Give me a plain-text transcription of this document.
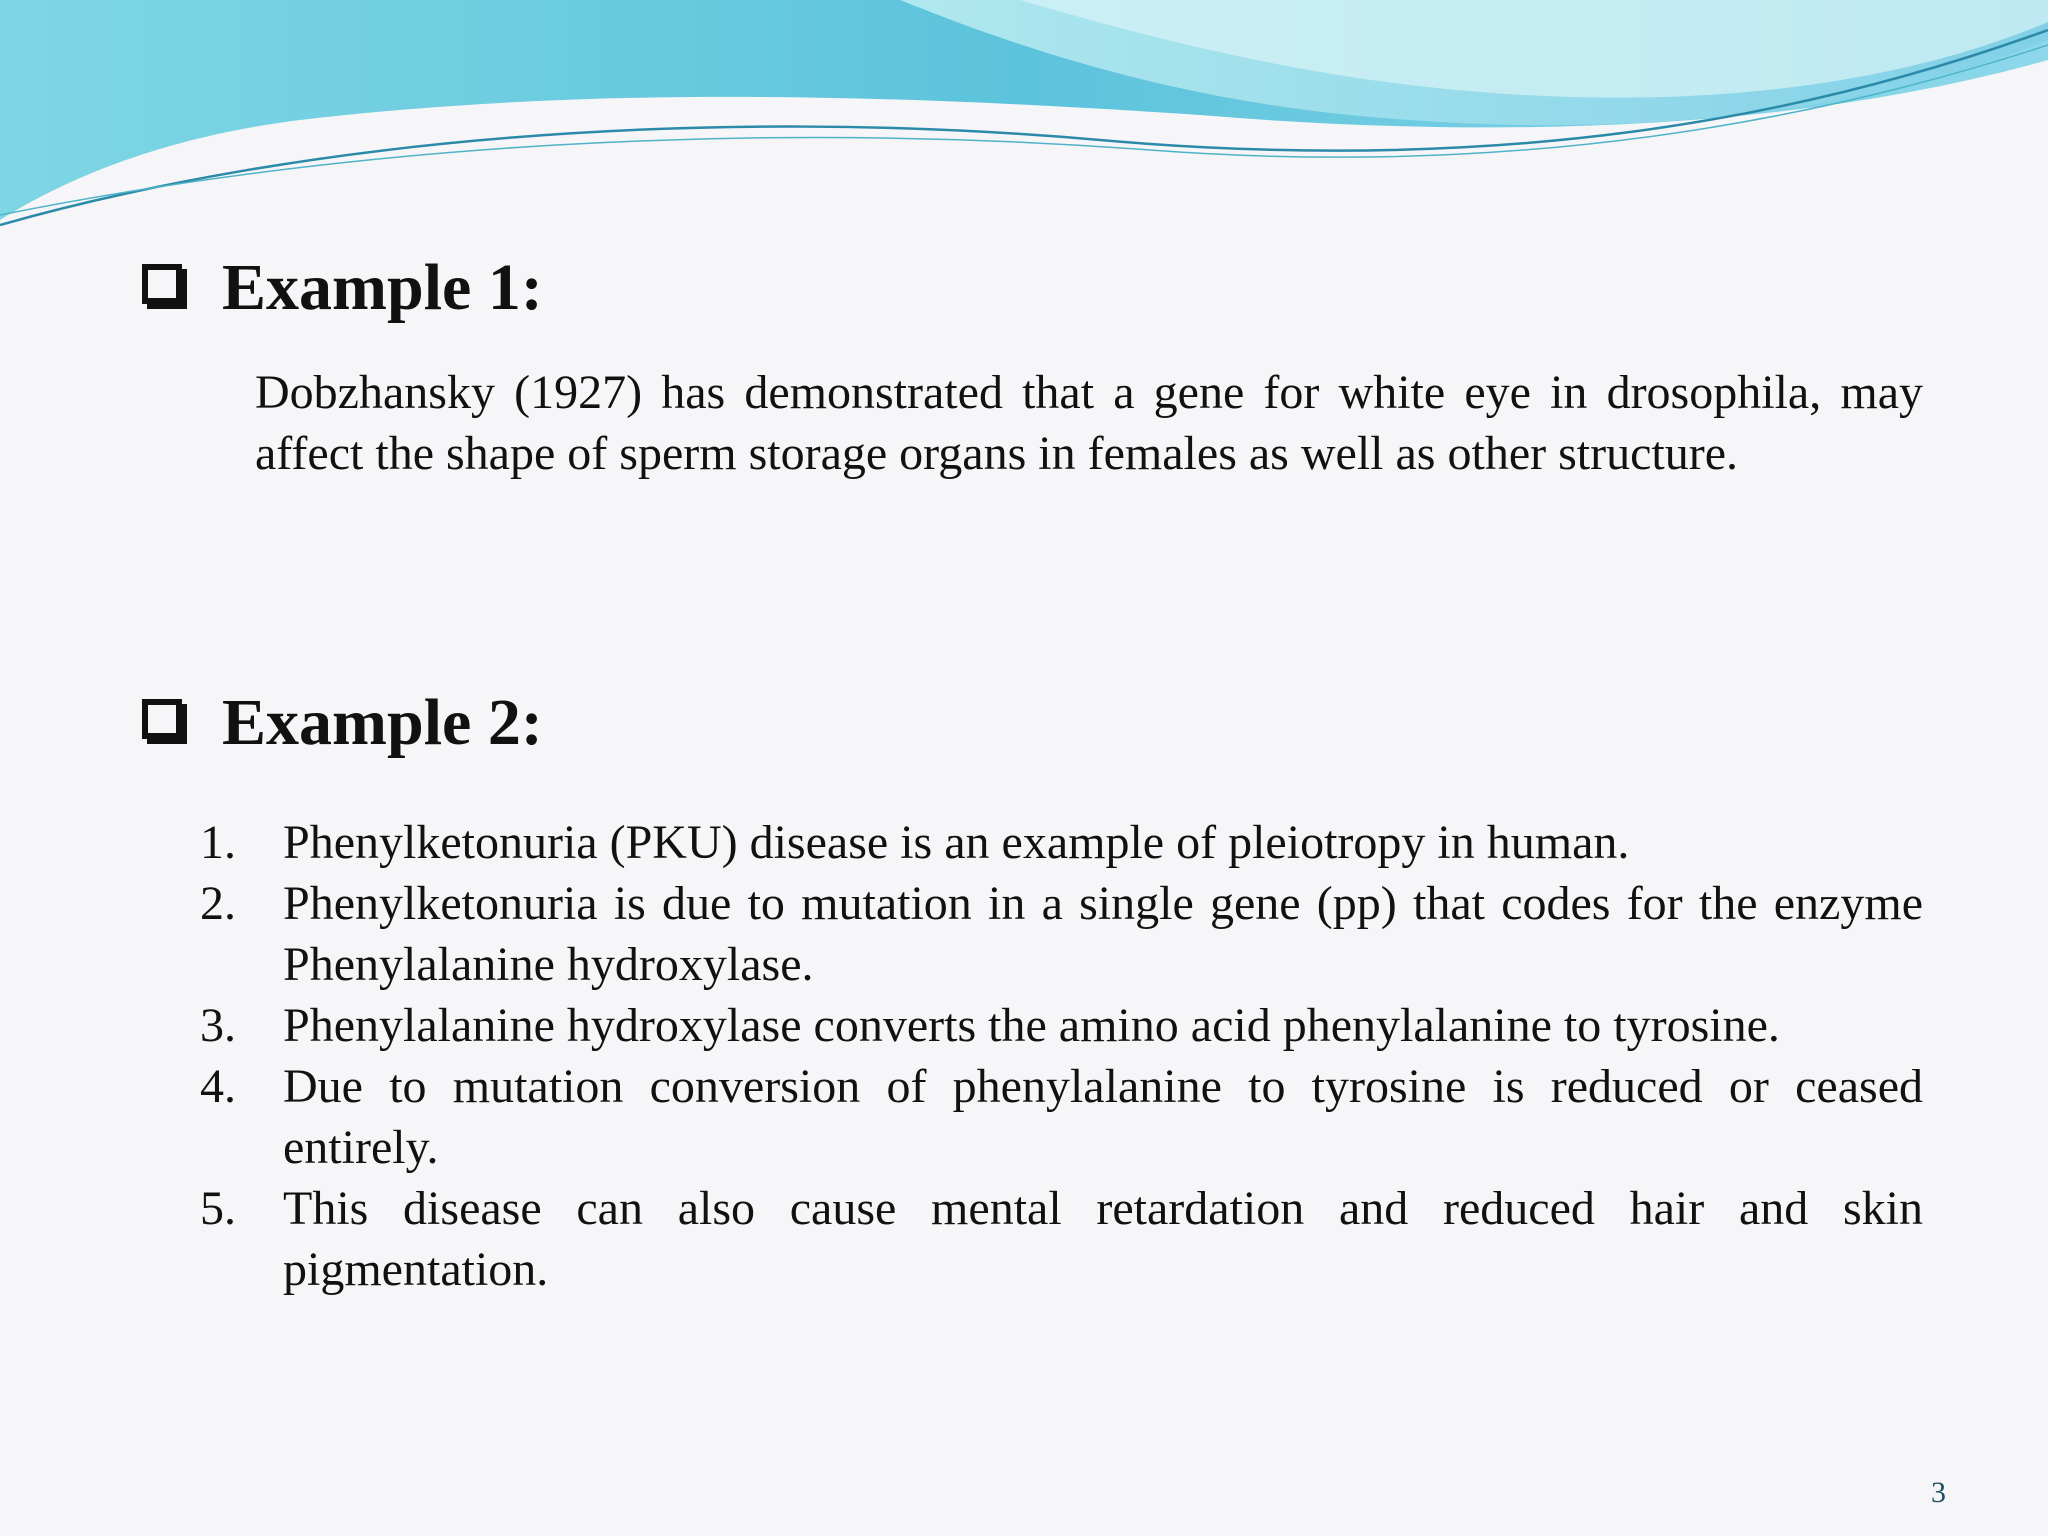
Example 1:
Dobzhansky (1927) has demonstrated that a gene for white eye in drosophila, may affect the shape of sperm storage organs in females as well as other structure.
Example 2:
1. Phenylketonuria (PKU) disease is an example of pleiotropy in human.
2. Phenylketonuria is due to mutation in a single gene (pp) that codes for the enzyme Phenylalanine hydroxylase.
3. Phenylalanine hydroxylase converts the amino acid phenylalanine to tyrosine.
4. Due to mutation conversion of phenylalanine to tyrosine is reduced or ceased entirely.
5. This disease can also cause mental retardation and reduced hair and skin pigmentation.
3
